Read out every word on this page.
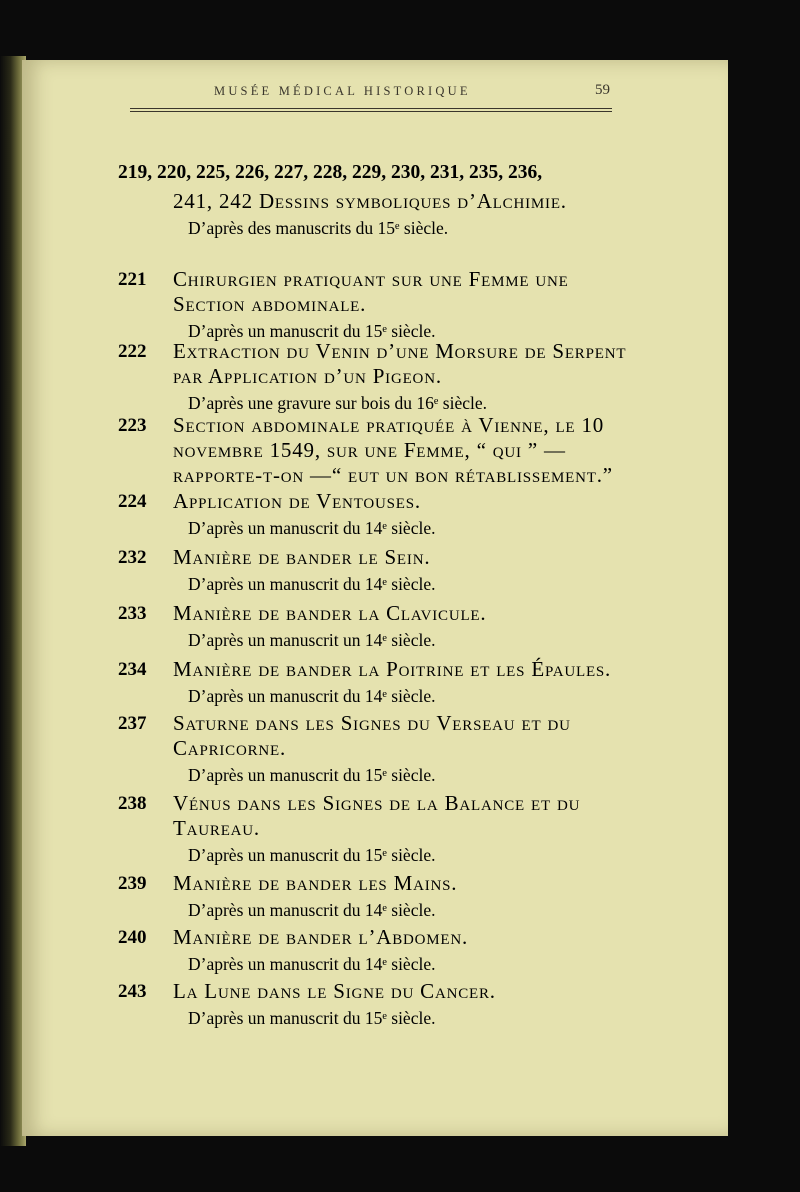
MUSÉE MÉDICAL HISTORIQUE	59
219, 220, 225, 226, 227, 228, 229, 230, 231, 235, 236,
241, 242 Dessins symboliques d’Alchimie.
D’après des manuscrits du 15ᵉ siècle.
221 Chirurgien pratiquant sur une Femme une
Section abdominale.
D’après un manuscrit du 15ᵉ siècle.
222 Extraction du Venin d’une Morsure de Serpent
par Application d’un Pigeon.
D’après une gravure sur bois du 16ᵉ siècle.
223 Section abdominale pratiquée à Vienne, le 10
novembre 1549, sur une Femme, “ qui ” —
rapporte-t-on —“ eut un bon rétablissement.”
224 Application de Ventouses.
D’après un manuscrit du 14ᵉ siècle.
232 Manière de bander le Sein.
D’après un manuscrit du 14ᵉ siècle.
233 Manière de bander la Clavicule.
D’après un manuscrit un 14ᵉ siècle.
234 Manière de bander la Poitrine et les Épaules.
D’après un manuscrit du 14ᵉ siècle.
237 Saturne dans les Signes du Verseau et du
Capricorne.
D’après un manuscrit du 15ᵉ siècle.
238 Vénus dans les Signes de la Balance et du
Taureau.
D’après un manuscrit du 15ᵉ siècle.
239 Manière de bander les Mains.
D’après un manuscrit du 14ᵉ siècle.
240 Manière de bander l’Abdomen.
D’après un manuscrit du 14ᵉ siècle.
243 La Lune dans le Signe du Cancer.
D’après un manuscrit du 15ᵉ siècle.
